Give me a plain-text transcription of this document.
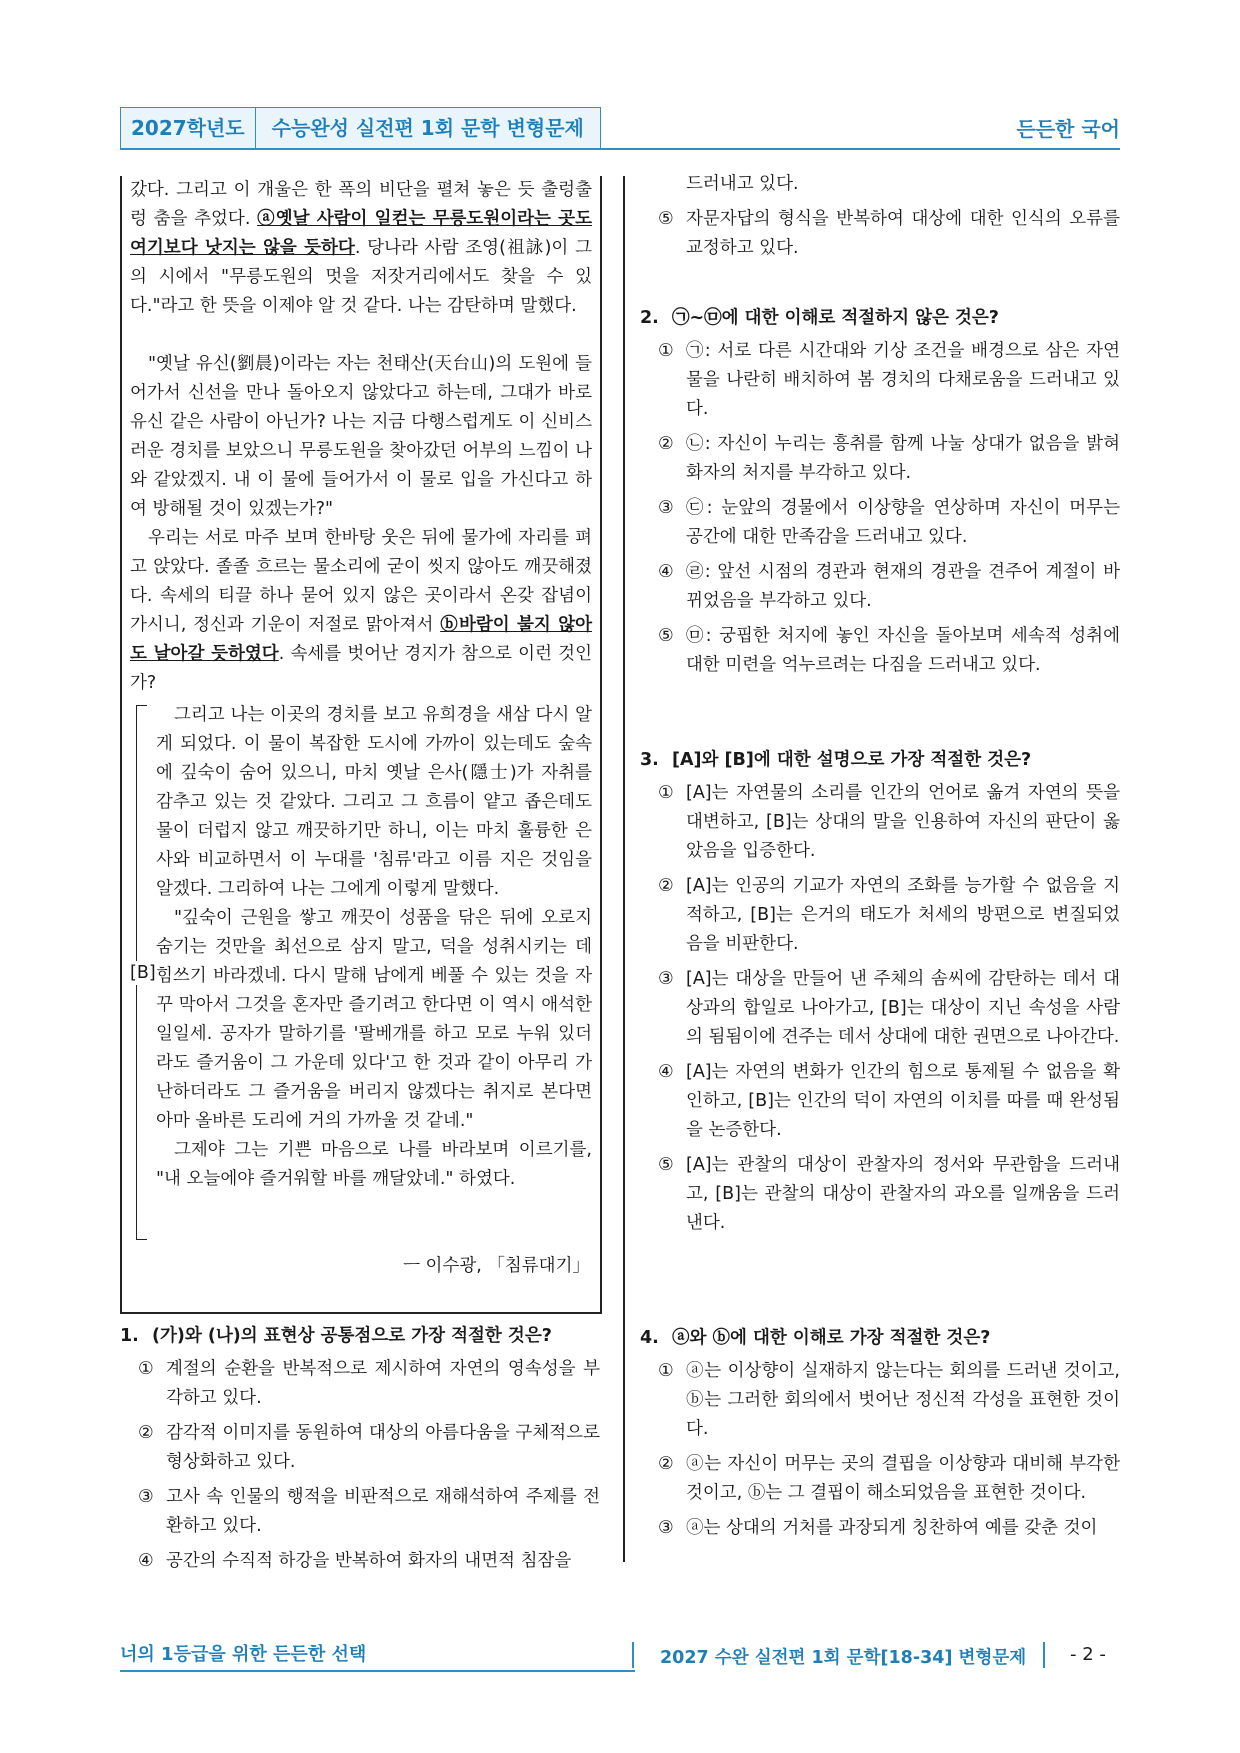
2027학년도	수능완성 실전편 1회 문학 변형문제	든든한 국어

갔다. 그리고 이 개울은 한 폭의 비단을 펼쳐 놓은 듯 출렁출렁 춤을 추었다. ⓐ옛날 사람이 일컫는 무릉도원이라는 곳도 여기보다 낫지는 않을 듯하다. 당나라 사람 조영(祖詠)이 그의 시에서 "무릉도원의 멋을 저잣거리에서도 찾을 수 있다."라고 한 뜻을 이제야 알 것 같다. 나는 감탄하며 말했다.

"옛날 유신(劉晨)이라는 자는 천태산(天台山)의 도원에 들어가서 신선을 만나 돌아오지 않았다고 하는데, 그대가 바로 유신 같은 사람이 아닌가? 나는 지금 다행스럽게도 이 신비스러운 경치를 보았으니 무릉도원을 찾아갔던 어부의 느낌이 나와 같았겠지. 내 이 물에 들어가서 이 물로 입을 가신다고 하여 방해될 것이 있겠는가?"

우리는 서로 마주 보며 한바탕 웃은 뒤에 물가에 자리를 펴고 앉았다. 졸졸 흐르는 물소리에 굳이 씻지 않아도 깨끗해졌다. 속세의 티끌 하나 묻어 있지 않은 곳이라서 온갖 잡념이 가시니, 정신과 기운이 저절로 맑아져서 ⓑ바람이 불지 않아도 날아갈 듯하였다. 속세를 벗어난 경지가 참으로 이런 것인가?

[B]

그리고 나는 이곳의 경치를 보고 유희경을 새삼 다시 알게 되었다. 이 물이 복잡한 도시에 가까이 있는데도 숲속에 깊숙이 숨어 있으니, 마치 옛날 은사(隱士)가 자취를 감추고 있는 것 같았다. 그리고 그 흐름이 얕고 좁은데도 물이 더럽지 않고 깨끗하기만 하니, 이는 마치 훌륭한 은사와 비교하면서 이 누대를 '침류'라고 이름 지은 것임을 알겠다. 그리하여 나는 그에게 이렇게 말했다.

"깊숙이 근원을 쌓고 깨끗이 성품을 닦은 뒤에 오로지 숨기는 것만을 최선으로 삼지 말고, 덕을 성취시키는 데 힘쓰기 바라겠네. 다시 말해 남에게 베풀 수 있는 것을 자꾸 막아서 그것을 혼자만 즐기려고 한다면 이 역시 애석한 일일세. 공자가 말하기를 '팔베개를 하고 모로 누워 있더라도 즐거움이 그 가운데 있다'고 한 것과 같이 아무리 가난하더라도 그 즐거움을 버리지 않겠다는 취지로 본다면 아마 올바른 도리에 거의 가까울 것 같네."

그제야 그는 기쁜 마음으로 나를 바라보며 이르기를, "내 오늘에야 즐거워할 바를 깨달았네." 하였다.

ㅡ 이수광, 「침류대기」
1. (가)와 (나)의 표현상 공통점으로 가장 적절한 것은?
① 계절의 순환을 반복적으로 제시하여 자연의 영속성을 부각하고 있다.
② 감각적 이미지를 동원하여 대상의 아름다움을 구체적으로 형상화하고 있다.
③ 고사 속 인물의 행적을 비판적으로 재해석하여 주제를 전환하고 있다.
④ 공간의 수직적 하강을 반복하여 화자의 내면적 침잠을
드러내고 있다.
⑤ 자문자답의 형식을 반복하여 대상에 대한 인식의 오류를 교정하고 있다.
2. ㉠~㉤에 대한 이해로 적절하지 않은 것은?
① ㉠: 서로 다른 시간대와 기상 조건을 배경으로 삼은 자연물을 나란히 배치하여 봄 경치의 다채로움을 드러내고 있다.
② ㉡: 자신이 누리는 흥취를 함께 나눌 상대가 없음을 밝혀 화자의 처지를 부각하고 있다.
③ ㉢: 눈앞의 경물에서 이상향을 연상하며 자신이 머무는 공간에 대한 만족감을 드러내고 있다.
④ ㉣: 앞선 시점의 경관과 현재의 경관을 견주어 계절이 바뀌었음을 부각하고 있다.
⑤ ㉤: 궁핍한 처지에 놓인 자신을 돌아보며 세속적 성취에 대한 미련을 억누르려는 다짐을 드러내고 있다.
3. [A]와 [B]에 대한 설명으로 가장 적절한 것은?
① [A]는 자연물의 소리를 인간의 언어로 옮겨 자연의 뜻을 대변하고, [B]는 상대의 말을 인용하여 자신의 판단이 옳았음을 입증한다.
② [A]는 인공의 기교가 자연의 조화를 능가할 수 없음을 지적하고, [B]는 은거의 태도가 처세의 방편으로 변질되었음을 비판한다.
③ [A]는 대상을 만들어 낸 주체의 솜씨에 감탄하는 데서 대상과의 합일로 나아가고, [B]는 대상이 지닌 속성을 사람의 됨됨이에 견주는 데서 상대에 대한 권면으로 나아간다.
④ [A]는 자연의 변화가 인간의 힘으로 통제될 수 없음을 확인하고, [B]는 인간의 덕이 자연의 이치를 따를 때 완성됨을 논증한다.
⑤ [A]는 관찰의 대상이 관찰자의 정서와 무관함을 드러내고, [B]는 관찰의 대상이 관찰자의 과오를 일깨움을 드러낸다.
4. ⓐ와 ⓑ에 대한 이해로 가장 적절한 것은?
① ⓐ는 이상향이 실재하지 않는다는 회의를 드러낸 것이고, ⓑ는 그러한 회의에서 벗어난 정신적 각성을 표현한 것이다.
② ⓐ는 자신이 머무는 곳의 결핍을 이상향과 대비해 부각한 것이고, ⓑ는 그 결핍이 해소되었음을 표현한 것이다.
③ ⓐ는 상대의 거처를 과장되게 칭찬하여 예를 갖춘 것이
너의 1등급을 위한 든든한 선택	2027 수완 실전편 1회 문학[18-34] 변형문제 - 2 -
